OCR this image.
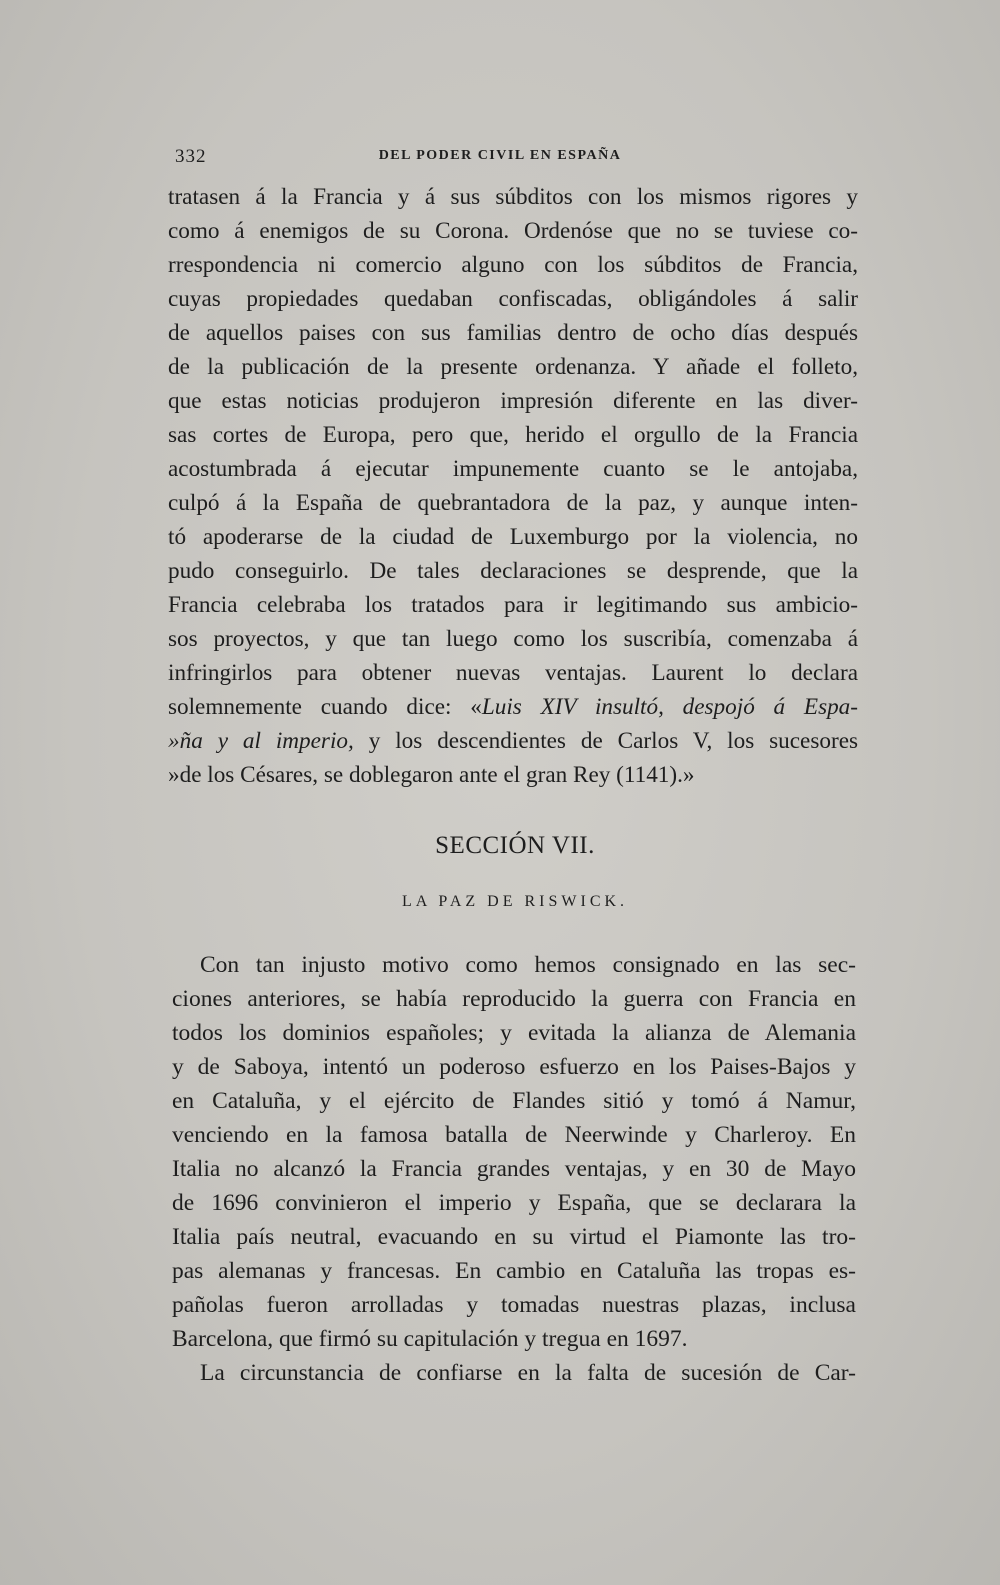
332	DEL PODER CIVIL EN ESPAÑA
tratasen á la Francia y á sus súbditos con los mismos rigores y
como á enemigos de su Corona. Ordenóse que no se tuviese co-
rrespondencia ni comercio alguno con los súbditos de Francia,
cuyas propiedades quedaban confiscadas, obligándoles á salir
de aquellos paises con sus familias dentro de ocho días después
de la publicación de la presente ordenanza. Y añade el folleto,
que estas noticias produjeron impresión diferente en las diver-
sas cortes de Europa, pero que, herido el orgullo de la Francia
acostumbrada á ejecutar impunemente cuanto se le antojaba,
culpó á la España de quebrantadora de la paz, y aunque inten-
tó apoderarse de la ciudad de Luxemburgo por la violencia, no
pudo conseguirlo. De tales declaraciones se desprende, que la
Francia celebraba los tratados para ir legitimando sus ambicio-
sos proyectos, y que tan luego como los suscribía, comenzaba á
infringirlos para obtener nuevas ventajas. Laurent lo declara
solemnemente cuando dice: «Luis XIV insultó, despojó á Espa-
»ña y al imperio, y los descendientes de Carlos V, los sucesores
»de los Césares, se doblegaron ante el gran Rey (1141).»
SECCIÓN VII.
LA PAZ DE RISWICK.
Con tan injusto motivo como hemos consignado en las sec-
ciones anteriores, se había reproducido la guerra con Francia en
todos los dominios españoles; y evitada la alianza de Alemania
y de Saboya, intentó un poderoso esfuerzo en los Paises-Bajos y
en Cataluña, y el ejército de Flandes sitió y tomó á Namur,
venciendo en la famosa batalla de Neerwinde y Charleroy. En
Italia no alcanzó la Francia grandes ventajas, y en 30 de Mayo
de 1696 convinieron el imperio y España, que se declarara la
Italia país neutral, evacuando en su virtud el Piamonte las tro-
pas alemanas y francesas. En cambio en Cataluña las tropas es-
pañolas fueron arrolladas y tomadas nuestras plazas, inclusa
Barcelona, que firmó su capitulación y tregua en 1697.
La circunstancia de confiarse en la falta de sucesión de Car-
